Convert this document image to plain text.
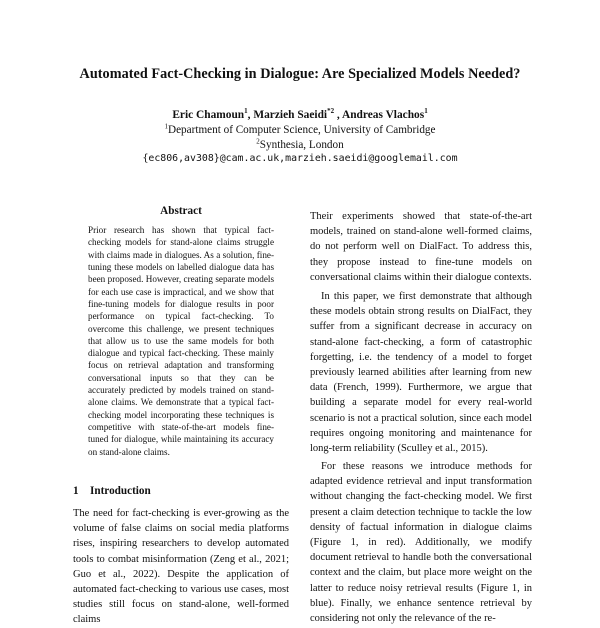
Automated Fact-Checking in Dialogue: Are Specialized Models Needed?
Eric Chamoun$^1$, Marzieh Saeidi$^{*2}$ , Andreas Vlachos$^1$
$^1$Department of Computer Science, University of Cambridge
$^2$Synthesia, London
{ec806,av308}@cam.ac.uk,marzieh.saeidi@googlemail.com
Abstract

Prior research has shown that typical fact-checking models for stand-alone claims struggle with claims made in dialogues. As a solution, fine-tuning these models on labelled dialogue data has been proposed. However, creating separate models for each use case is impractical, and we show that fine-tuning models for dialogue results in poor performance on typical fact-checking. To overcome this challenge, we present techniques that allow us to use the same models for both dialogue and typical fact-checking. These mainly focus on retrieval adaptation and transforming conversational inputs so that they can be accurately predicted by models trained on stand-alone claims. We demonstrate that a typical fact-checking model incorporating these techniques is competitive with state-of-the-art models fine-tuned for dialogue, while maintaining its accuracy on stand-alone claims.

1 Introduction
The need for fact-checking is ever-growing as the volume of false claims on social media platforms rises, inspiring researchers to develop automated tools to combat misinformation (Zeng et al., 2021; Guo et al., 2022). Despite the application of automated fact-checking to various use cases, most studies still focus on stand-alone, well-formed claims

Their experiments showed that state-of-the-art models, trained on stand-alone well-formed claims, do not perform well on DialFact. To address this, they propose instead to fine-tune models on conversational claims within their dialogue contexts.

In this paper, we first demonstrate that although these models obtain strong results on DialFact, they suffer from a significant decrease in accuracy on stand-alone fact-checking, a form of catastrophic forgetting, i.e. the tendency of a model to forget previously learned abilities after learning from new data (French, 1999). Furthermore, we argue that building a separate model for every real-world scenario is not a practical solution, since each model requires ongoing monitoring and maintenance for long-term reliability (Sculley et al., 2015).

For these reasons we introduce methods for adapted evidence retrieval and input transformation without changing the fact-checking model. We first present a claim detection technique to tackle the low density of factual information in dialogue claims (Figure 1, in red). Additionally, we modify document retrieval to handle both the conversational context and the claim, but place more weight on the latter to reduce noisy retrieval results (Figure 1, in blue). Finally, we enhance sentence retrieval by considering not only the relevance of the re-
